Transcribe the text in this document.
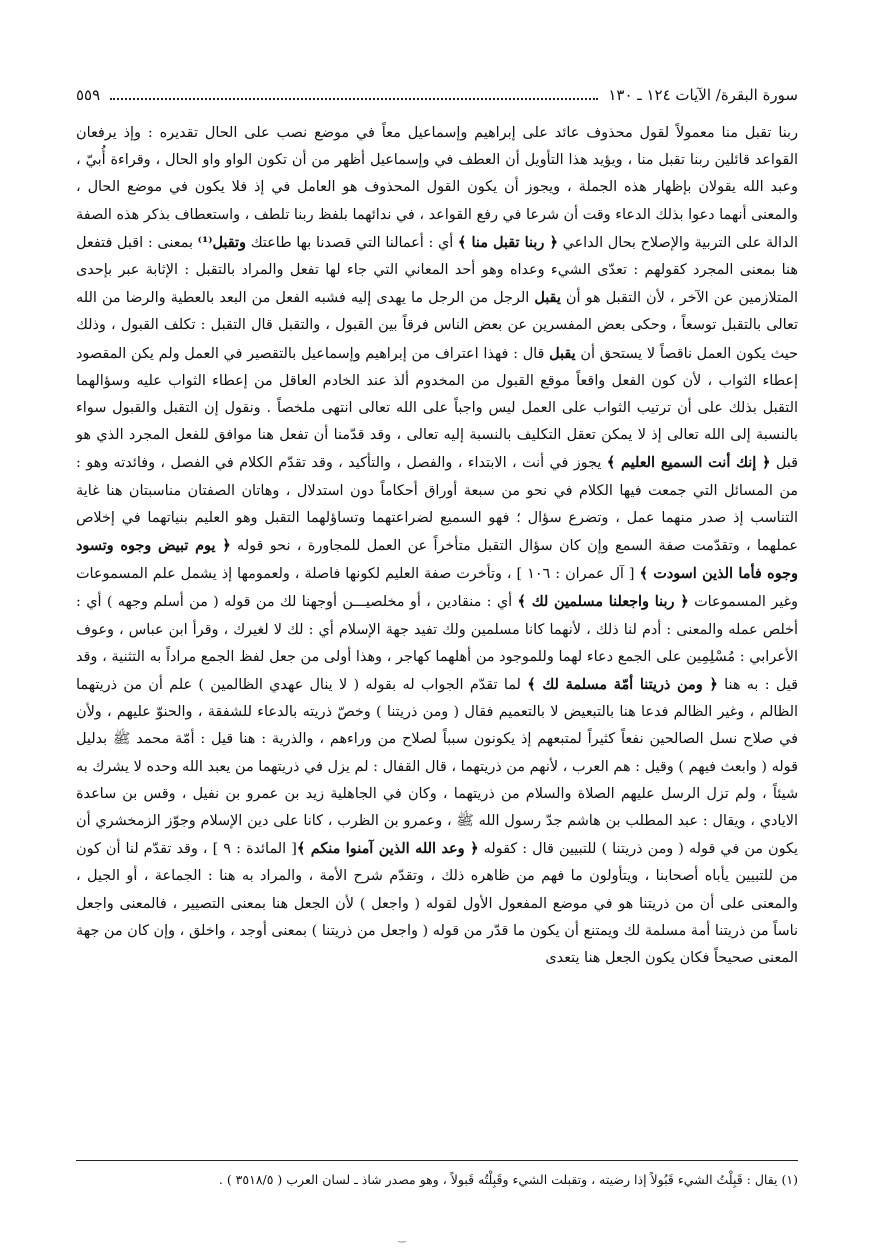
سورة البقرة/ الآيات ١٢٤ ـ ١٣٠
٥٥٩

ربنا تقبل منا معمولاً لقول محذوف عائد على إبراهيم وإسماعيل معاً في موضع نصب على الحال تقديره : وإذ يرفعان القواعد قائلين ربنا تقبل منا ، ويؤيد هذا التأويل أن العطف في وإسماعيل أظهر من أن تكون الواو واو الحال ، وقراءة أُبيّ ، وعبد الله يقولان بإظهار هذه الجملة ، ويجوز أن يكون القول المحذوف هو العامل في إذ فلا يكون في موضع الحال ، والمعنى أنهما دعوا بذلك الدعاء وقت أن شرعا في رفع القواعد ، في ندائهما بلفظ ربنا تلطف ، واستعطاف بذكر هذه الصفة الدالة على التربية والإصلاح بحال الداعي ﴿ ربنا تقبل منا ﴾ أي : أعمالنا التي قصدنا بها طاعتك وتقبل⁽¹⁾ بمعنى : اقبل فتفعل هنا بمعنى المجرد كقولهم : تعدّى الشيء وعداه وهو أحد المعاني التي جاء لها تفعل والمراد بالتقبل : الإثابة عبر بإحدى المتلازمين عن الآخر ، لأن التقبل هو أن يقبل الرجل من الرجل ما يهدى إليه فشبه الفعل من البعد بالعطية والرضا من الله تعالى بالتقبل توسعاً ، وحكى بعض المفسرين عن بعض الناس فرقاً بين القبول ، والتقبل قال التقبل : تكلف القبول ، وذلك حيث يكون العمل ناقصاً لا يستحق أن يقبل قال : فهذا اعتراف من إبراهيم وإسماعيل بالتقصير في العمل ولم يكن المقصود إعطاء الثواب ، لأن كون الفعل واقعاً موقع القبول من المخدوم ألذ عند الخادم العاقل من إعطاء الثواب عليه وسؤالهما التقبل بذلك على أن ترتيب الثواب على العمل ليس واجباً على الله تعالى انتهى ملخصاً . ونقول إن التقبل والقبول سواء بالنسبة إلى الله تعالى إذ لا يمكن تعقل التكليف بالنسبة إليه تعالى ، وقد قدّمنا أن تفعل هنا موافق للفعل المجرد الذي هو قبل ﴿ إنك أنت السميع العليم ﴾ يجوز في أنت ، الابتداء ، والفصل ، والتأكيد ، وقد تقدّم الكلام في الفصل ، وفائدته وهو : من المسائل التي جمعت فيها الكلام في نحو من سبعة أوراق أحكاماً دون استدلال ، وهاتان الصفتان مناسبتان هنا غاية التناسب إذ صدر منهما عمل ، وتضرع سؤال ؛ فهو السميع لضراعتهما وتساؤلهما التقبل وهو العليم بنياتهما في إخلاص عملهما ، وتقدّمت صفة السمع وإن كان سؤال التقبل متأخراً عن العمل للمجاورة ، نحو قوله ﴿ يوم تبيض وجوه وتسود وجوه فأما الذين اسودت ﴾ [ آل عمران : ١٠٦ ] ، وتأخرت صفة العليم لكونها فاصلة ، ولعمومها إذ يشمل علم المسموعات وغير المسموعات ﴿ ربنا واجعلنا مسلمين لك ﴾ أي : منقادين ، أو مخلصيـــن أوجهنا لك من قوله ( من أسلم وجهه ) أي : أخلص عمله والمعنى : أدم لنا ذلك ، لأنهما كانا مسلمين ولك تفيد جهة الإسلام أي : لك لا لغيرك ، وقرأ ابن عباس ، وعوف الأعرابي : مُسْلِمِين على الجمع دعاء لهما وللموجود من أهلهما كهاجر ، وهذا أولى من جعل لفظ الجمع مراداً به التثنية ، وقد قيل : به هنا ﴿ ومن ذريتنا أمّة مسلمة لك ﴾ لما تقدّم الجواب له بقوله ( لا ينال عهدي الظالمين ) علم أن من ذريتهما الظالم ، وغير الظالم فدعا هنا بالتبعيض لا بالتعميم فقال ( ومن ذريتنا ) وخصّ ذريته بالدعاء للشفقة ، والحنوّ عليهم ، ولأن في صلاح نسل الصالحين نفعاً كثيراً لمتبعهم إذ يكونون سبباً لصلاح من وراءهم ، والذرية : هنا قيل : أمّة محمد ﷺ بدليل قوله ( وابعث فيهم ) وقيل : هم العرب ، لأنهم من ذريتهما ، قال القفال : لم يزل في ذريتهما من يعبد الله وحده لا يشرك به شيئاً ، ولم تزل الرسل عليهم الصلاة والسلام من ذريتهما ، وكان في الجاهلية زيد بن عمرو بن نفيل ، وقس بن ساعدة الايادي ، ويقال : عبد المطلب بن هاشم جدّ رسول الله ﷺ ، وعمرو بن الظرب ، كانا على دين الإسلام وجوّز الزمخشري أن يكون من في قوله ( ومن ذريتنا ) للتبيين قال : كقوله ﴿ وعد الله الذين آمنوا منكم ﴾[ المائدة : ٩ ] ، وقد تقدّم لنا أن كون من للتبيين يأباه أصحابنا ، ويتأولون ما فهم من ظاهره ذلك ، وتقدّم شرح الأمة ، والمراد به هنا : الجماعة ، أو الجيل ، والمعنى على أن من ذريتنا هو في موضع المفعول الأول لقوله ( واجعل ) لأن الجعل هنا بمعنى التصيير ، فالمعنى واجعل ناساً من ذريتنا أمة مسلمة لك ويمتنع أن يكون ما قدّر من قوله ( واجعل من ذريتنا ) بمعنى أوجد ، واخلق ، وإن كان من جهة المعنى صحيحاً فكان يكون الجعل هنا يتعدى

(١) يقال : قَبِلْتُ الشيء قَبُولاً إذا رضيته ، وتقبلت الشيء وقَبِلْتُه قَبولاً ، وهو مصدر شاذ ـ لسان العرب ( ٣٥١٨/٥ ) .
‿
